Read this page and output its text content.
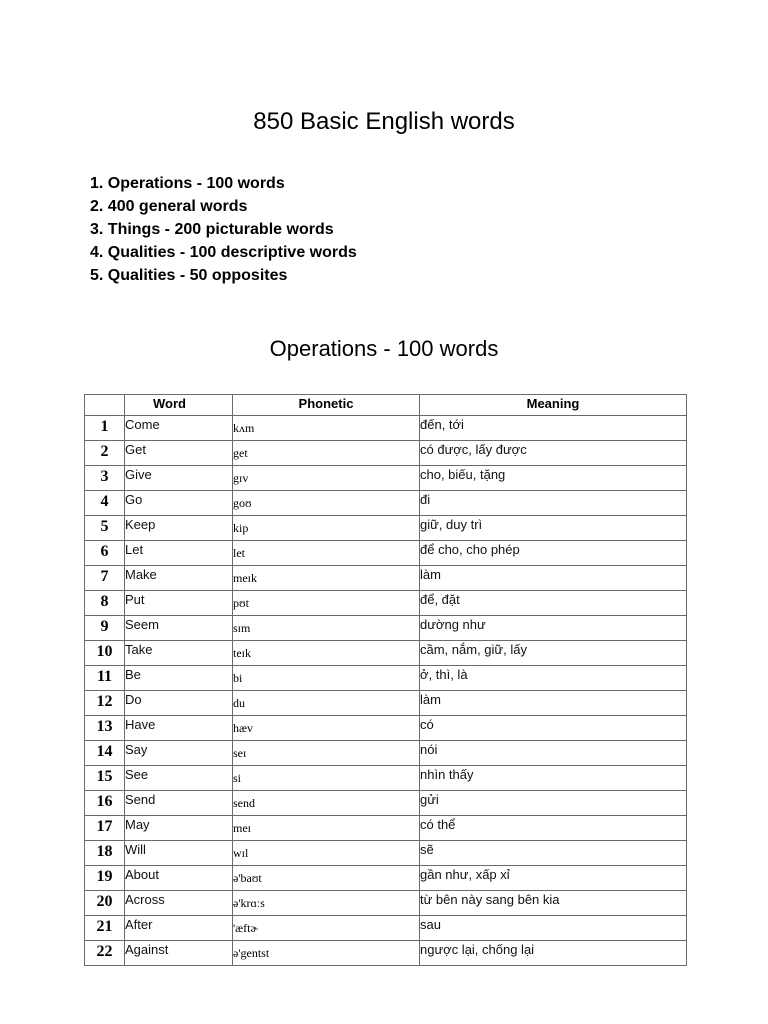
850 Basic English words
1. Operations - 100 words
2. 400 general words
3. Things - 200 picturable words
4. Qualities - 100 descriptive words
5. Qualities - 50 opposites
Operations - 100 words
	Word	Phonetic	Meaning
1	Come	kʌm	đến, tới
2	Get	get	có được, lấy được
3	Give	gɪv	cho, biếu, tặng
4	Go	goʊ	đi
5	Keep	kip	giữ, duy trì
6	Let	let	để cho, cho phép
7	Make	meɪk	làm
8	Put	pʊt	để, đặt
9	Seem	sɪm	dường như
10	Take	teɪk	cầm, nắm, giữ, lấy
11	Be	bi	ở, thì, là
12	Do	du	làm
13	Have	hæv	có
14	Say	seɪ	nói
15	See	si	nhìn thấy
16	Send	send	gửi
17	May	meɪ	có thể
18	Will	wɪl	sẽ
19	About	ə'baʊt	gần như, xấp xỉ
20	Across	ə'krɑːs	từ bên này sang bên kia
21	After	'æftɚ	sau
22	Against	ə'gentst	ngược lại, chống lại
